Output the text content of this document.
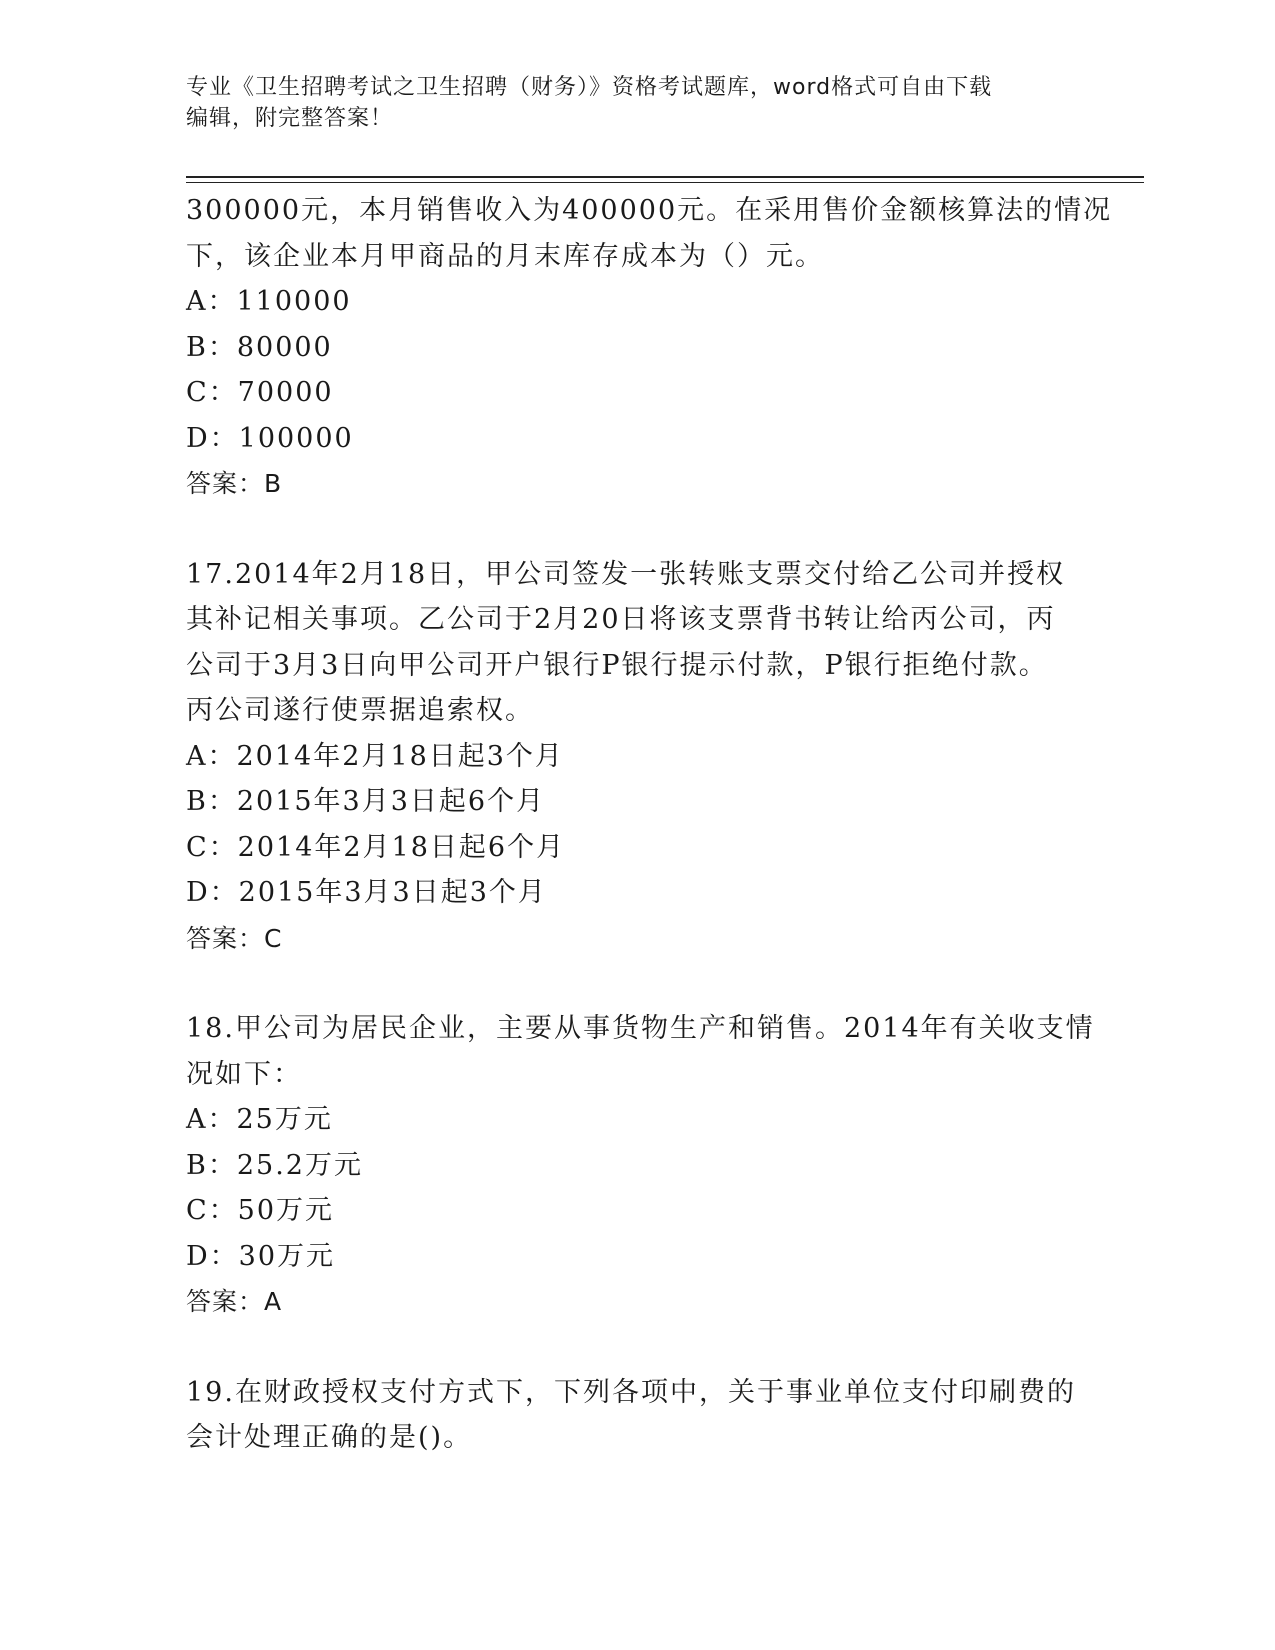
专业《卫生招聘考试之卫生招聘（财务）》资格考试题库，word格式可自由下载
编辑，附完整答案！
300000元，本月销售收入为400000元。在采用售价金额核算法的情况
下，该企业本月甲商品的月末库存成本为（）元。
A：110000
B：80000
C：70000
D：100000
答案：B
17.2014年2月18日，甲公司签发一张转账支票交付给乙公司并授权
其补记相关事项。乙公司于2月20日将该支票背书转让给丙公司，丙
公司于3月3日向甲公司开户银行P银行提示付款，P银行拒绝付款。
丙公司遂行使票据追索权。
A：2014年2月18日起3个月
B：2015年3月3日起6个月
C：2014年2月18日起6个月
D：2015年3月3日起3个月
答案：C
18.甲公司为居民企业，主要从事货物生产和销售。2014年有关收支情
况如下：
A：25万元
B：25.2万元
C：50万元
D：30万元
答案：A
19.在财政授权支付方式下，下列各项中，关于事业单位支付印刷费的
会计处理正确的是()。
